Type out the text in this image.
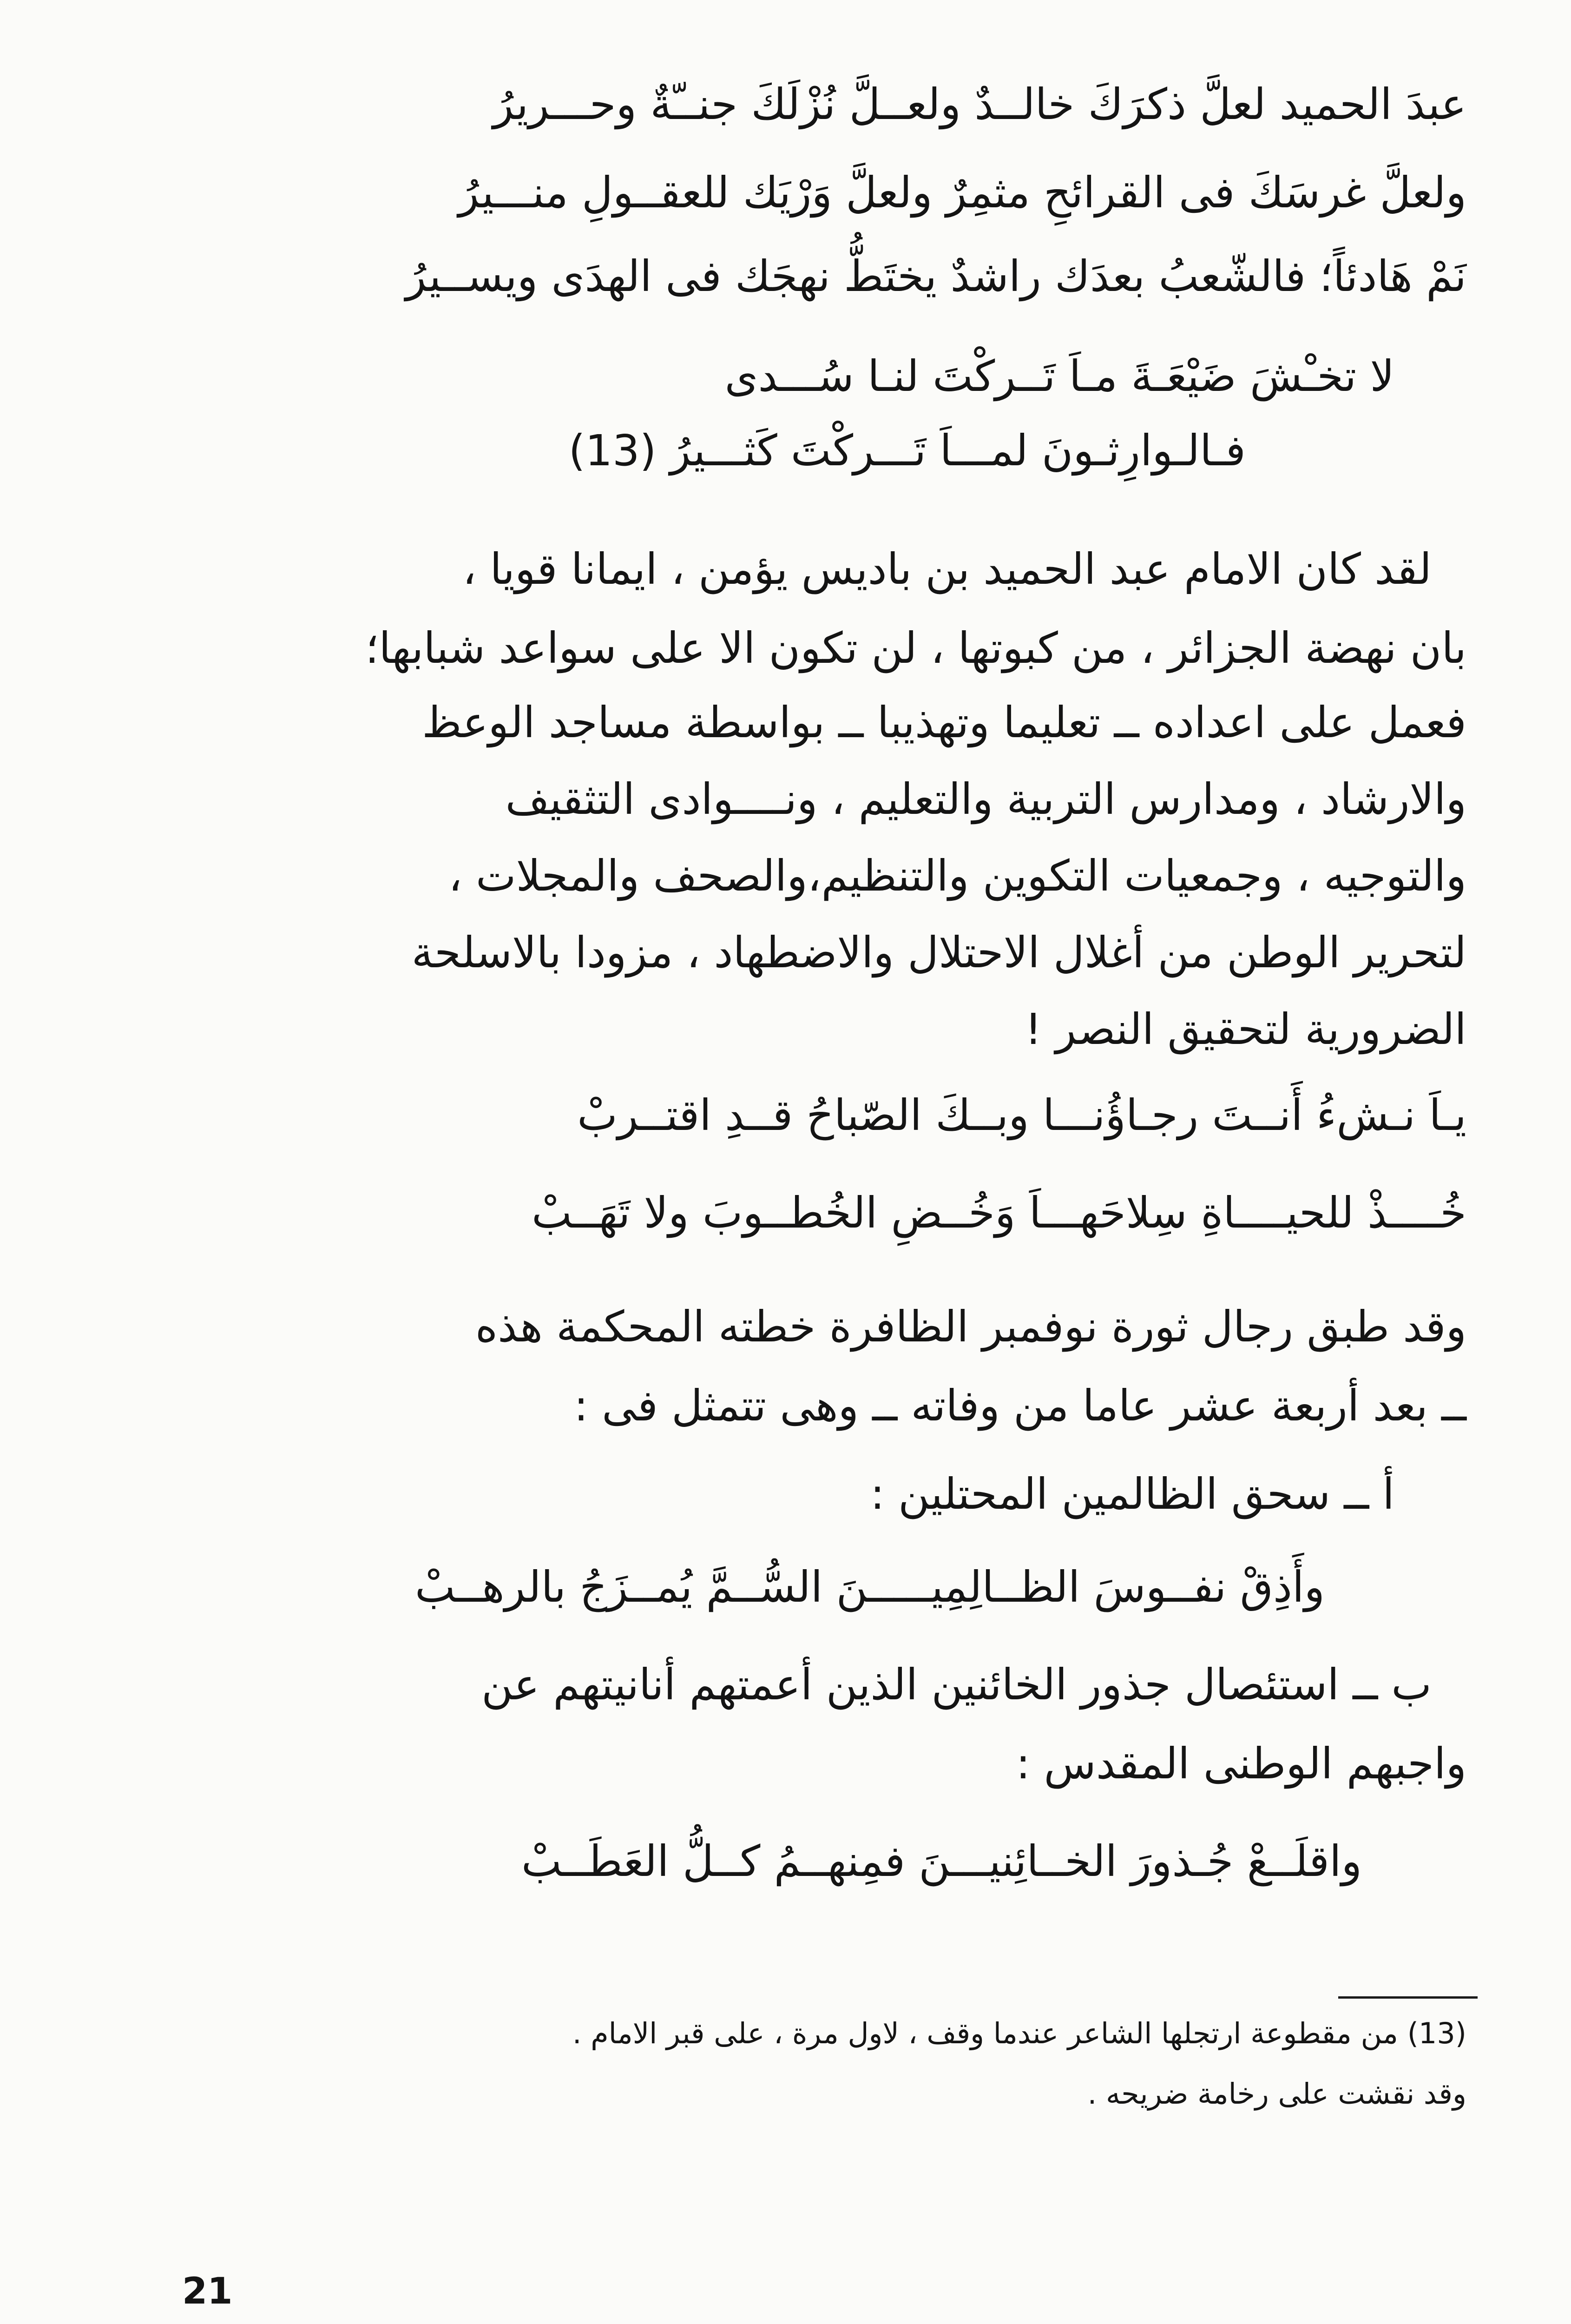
عبدَ الحميد لعلَّ ذكرَكَ خالــدٌ ولعــلَّ نُزْلَكَ جنــّةٌ وحـــريرُ
ولعلَّ غرسَكَ فى القرائحِ مثمِرٌ ولعلَّ وَرْيَك للعقــولِ منـــيرُ
نَمْ هَادئاً؛ فالشّعبُ بعدَك راشدٌ يختَطُّ نهجَك فى الهدَى ويســيرُ
لا تخـْشَ ضَيْعَـةَ مـاَ تَــركْتَ لنـا سُـــدى
فـالـوارِثـونَ لمـــاَ تَـــركْتَ كَثـــيرُ (13)
لقد كان الامام عبد الحميد بن باديس يؤمن ، ايمانا قويا ،
بان نهضة الجزائر ، من كبوتها ، لن تكون الا على سواعد شبابها؛
فعمل على اعداده ــ تعليما وتهذيبا ــ بواسطة مساجد الوعظ
والارشاد ، ومدارس التربية والتعليم ، ونــــوادى التثقيف
والتوجيه ، وجمعيات التكوين والتنظيم،والصحف والمجلات ،
لتحرير الوطن من أغلال الاحتلال والاضطهاد ، مزودا بالاسلحة
الضرورية لتحقيق النصر !
يـاَ نـشءُ أَنــتَ رجـاؤُنـــا وبــكَ الصّباحُ قــدِ اقتــربْ
خُــــذْ للحيــــاةِ سِلاحَهـــاَ وَخُــضِ الخُطــوبَ ولا تَهَــبْ
وقد طبق رجال ثورة نوفمبر الظافرة خطته المحكمة هذه
ــ بعد أربعة عشر عاما من وفاته ــ وهى تتمثل فى :
أ ــ سحق الظالمين المحتلين :
وأَذِقْ نفــوسَ الظــالِمِيـــــنَ السُّــمَّ يُمــزَجُ بالرهــبْ
ب ــ استئصال جذور الخائنين الذين أعمتهم أنانيتهم عن
واجبهم الوطنى المقدس :
واقلَــعْ جُـذورَ الخــائِنيـــنَ فمِنهــمُ كــلُّ العَطَــبْ
(13) من مقطوعة ارتجلها الشاعر عندما وقف ، لاول مرة ، على قبر الامام .
وقد نقشت على رخامة ضريحه .
21
